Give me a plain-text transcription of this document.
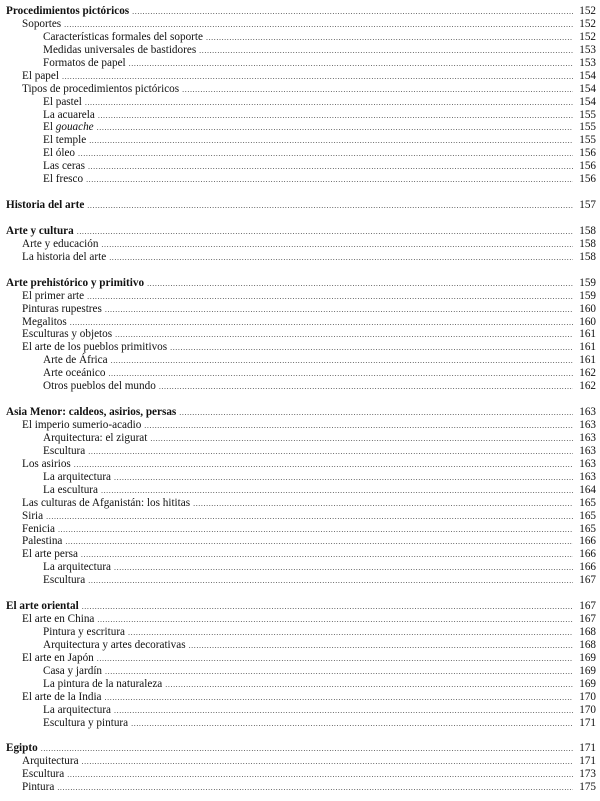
Procedimientos pictóricos .....	152
Soportes .....	152
Características formales del soporte .....	152
Medidas universales de bastidores .....	153
Formatos de papel .....	153
El papel .....	154
Tipos de procedimientos pictóricos .....	154
El pastel .....	154
La acuarela .....	155
El gouache .....	155
El temple .....	155
El óleo .....	156
Las ceras .....	156
El fresco .....	156
Historia del arte .....	157
Arte y cultura .....	158
Arte y educación .....	158
La historia del arte .....	158
Arte prehistórico y primitivo .....	159
El primer arte .....	159
Pinturas rupestres .....	160
Megalitos .....	160
Esculturas y objetos .....	161
El arte de los pueblos primitivos .....	161
Arte de África .....	161
Arte oceánico .....	162
Otros pueblos del mundo .....	162
Asia Menor: caldeos, asirios, persas .....	163
El imperio sumerio-acadio .....	163
Arquitectura: el zigurat .....	163
Escultura .....	163
Los asirios .....	163
La arquitectura .....	163
La escultura .....	164
Las culturas de Afganistán: los hititas .....	165
Siria .....	165
Fenicia .....	165
Palestina .....	166
El arte persa .....	166
La arquitectura .....	166
Escultura .....	167
El arte oriental .....	167
El arte en China .....	167
Pintura y escritura .....	168
Arquitectura y artes decorativas .....	168
El arte en Japón .....	169
Casa y jardín .....	169
La pintura de la naturaleza .....	169
El arte de la India .....	170
La arquitectura .....	170
Escultura y pintura .....	171
Egipto .....	171
Arquitectura .....	171
Escultura .....	173
Pintura .....	175
